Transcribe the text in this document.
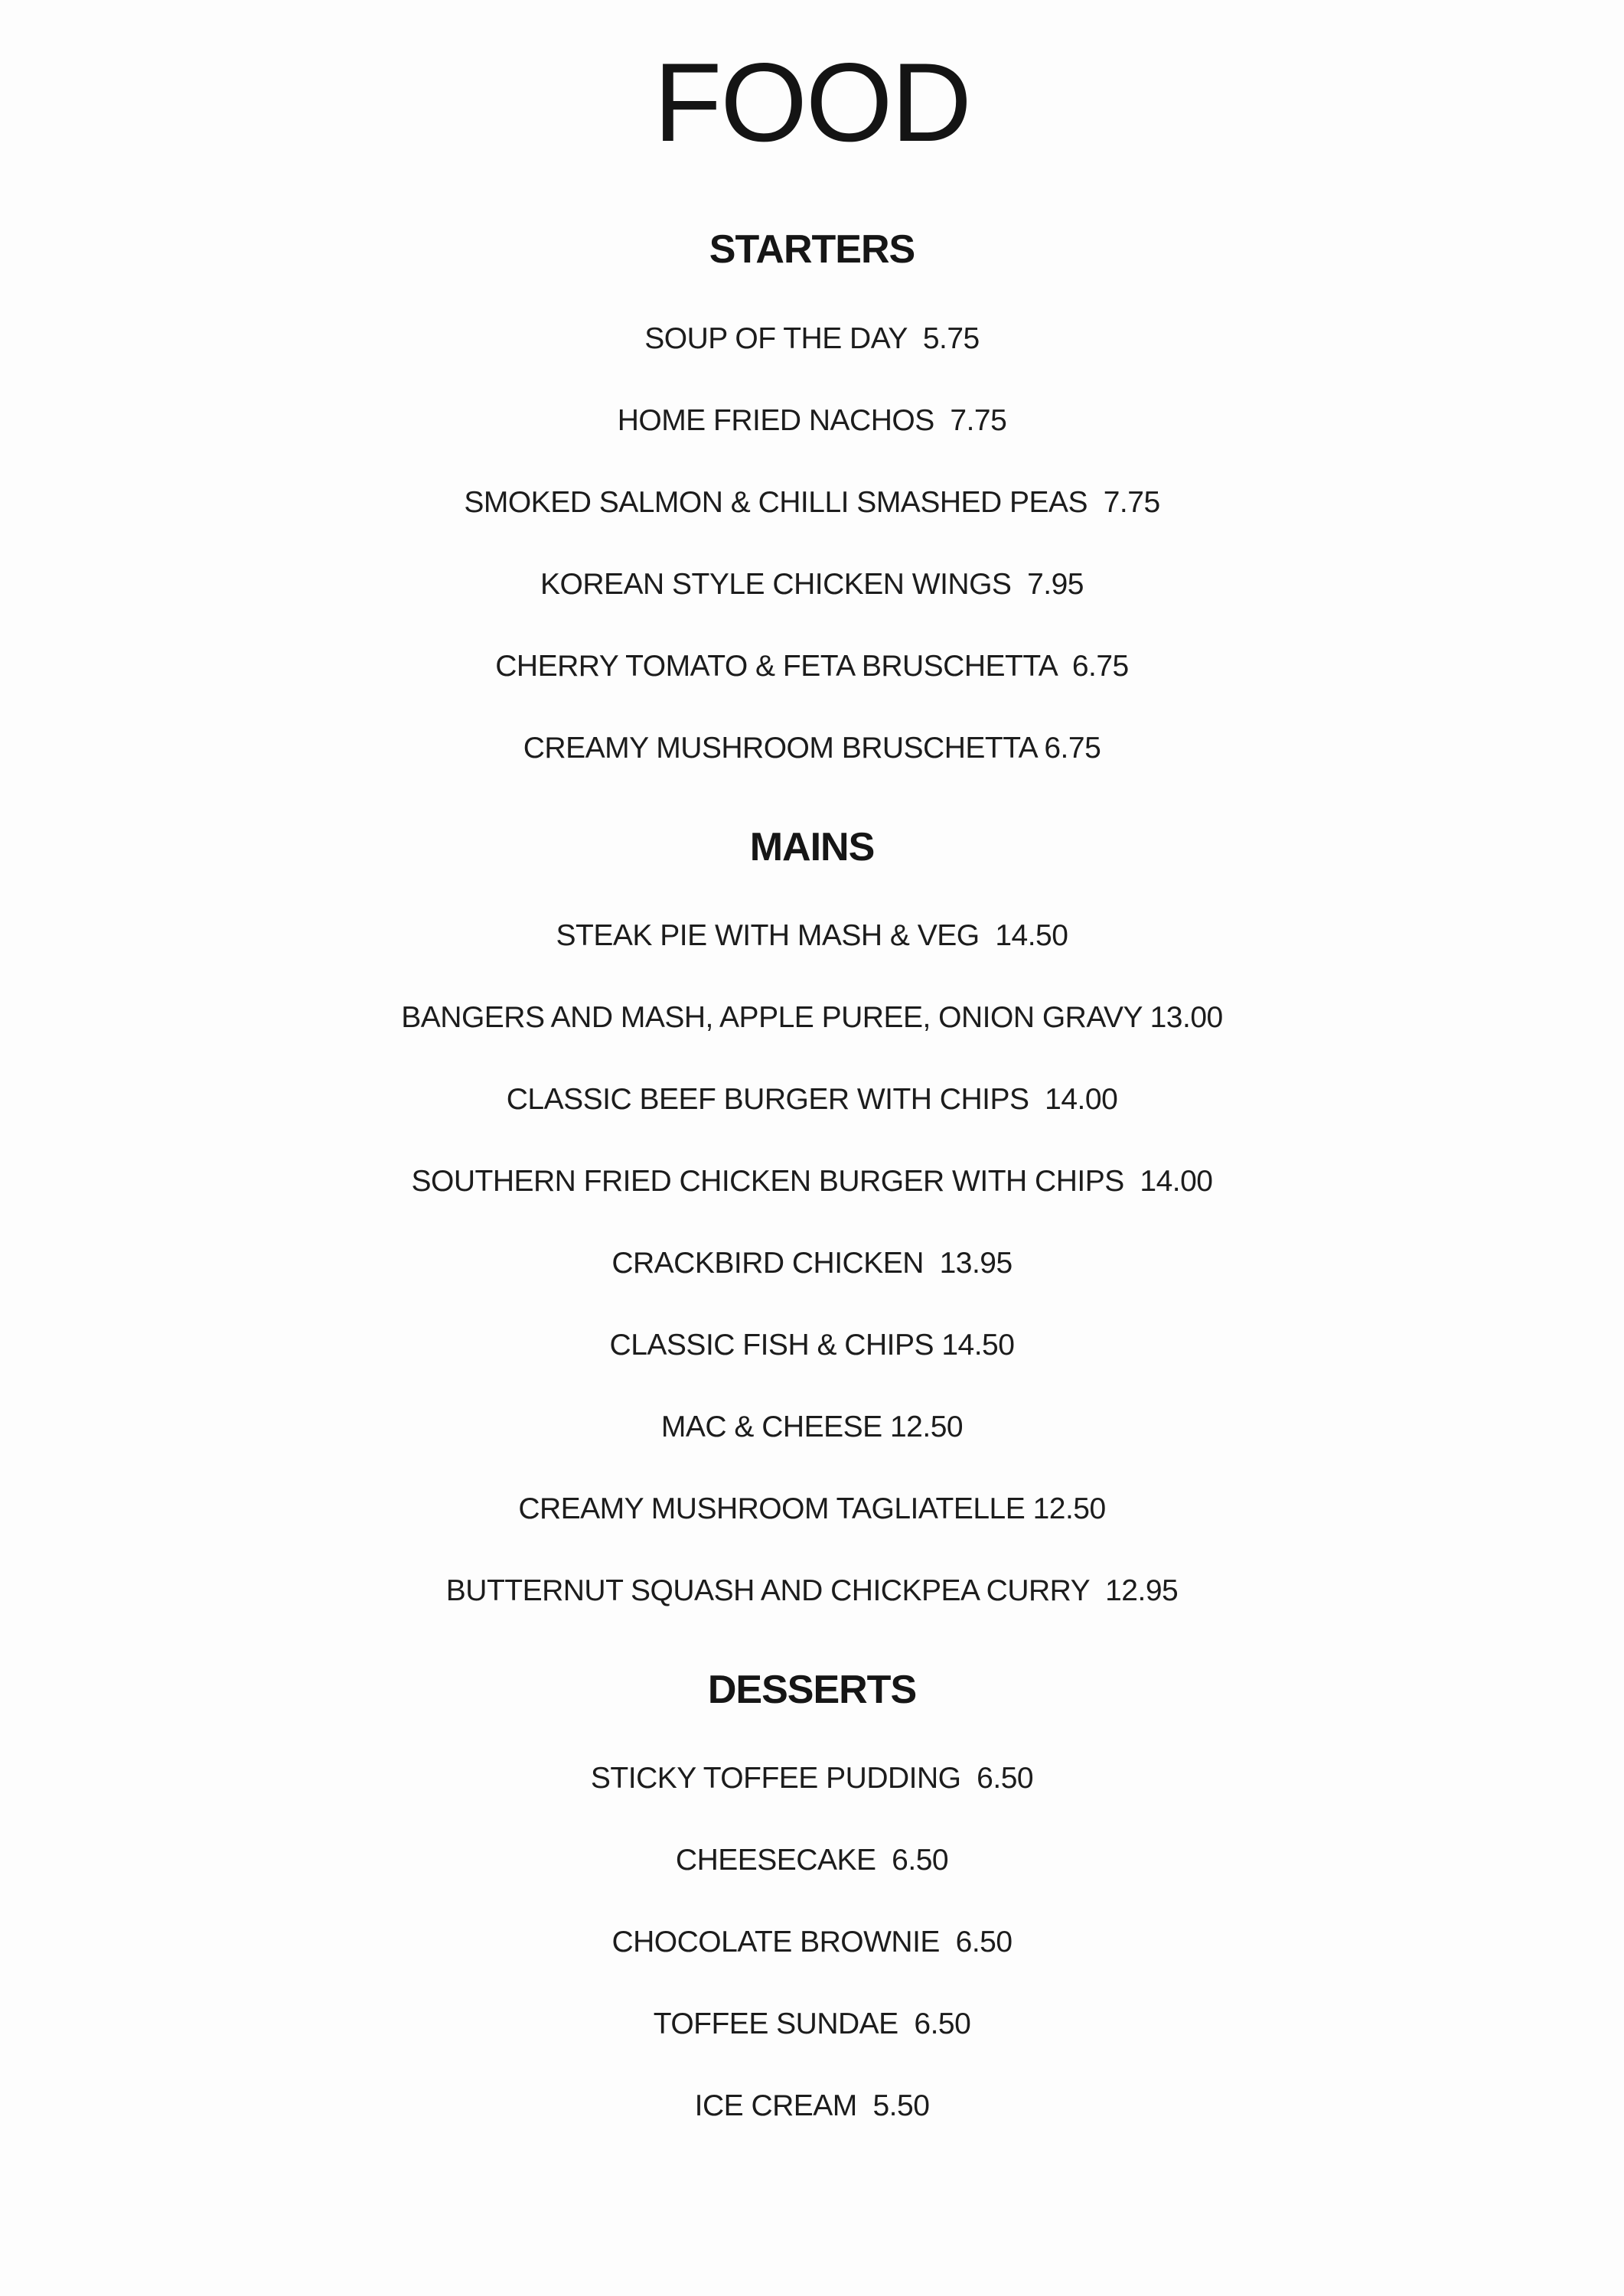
FOOD
STARTERS
SOUP OF THE DAY 5.75
HOME FRIED NACHOS 7.75
SMOKED SALMON & CHILLI SMASHED PEAS 7.75
KOREAN STYLE CHICKEN WINGS 7.95
CHERRY TOMATO & FETA BRUSCHETTA 6.75
CREAMY MUSHROOM BRUSCHETTA 6.75
MAINS
STEAK PIE WITH MASH & VEG 14.50
BANGERS AND MASH, APPLE PUREE, ONION GRAVY 13.00
CLASSIC BEEF BURGER WITH CHIPS 14.00
SOUTHERN FRIED CHICKEN BURGER WITH CHIPS 14.00
CRACKBIRD CHICKEN 13.95
CLASSIC FISH & CHIPS 14.50
MAC & CHEESE 12.50
CREAMY MUSHROOM TAGLIATELLE 12.50
BUTTERNUT SQUASH AND CHICKPEA CURRY 12.95
DESSERTS
STICKY TOFFEE PUDDING 6.50
CHEESECAKE 6.50
CHOCOLATE BROWNIE 6.50
TOFFEE SUNDAE 6.50
ICE CREAM 5.50
